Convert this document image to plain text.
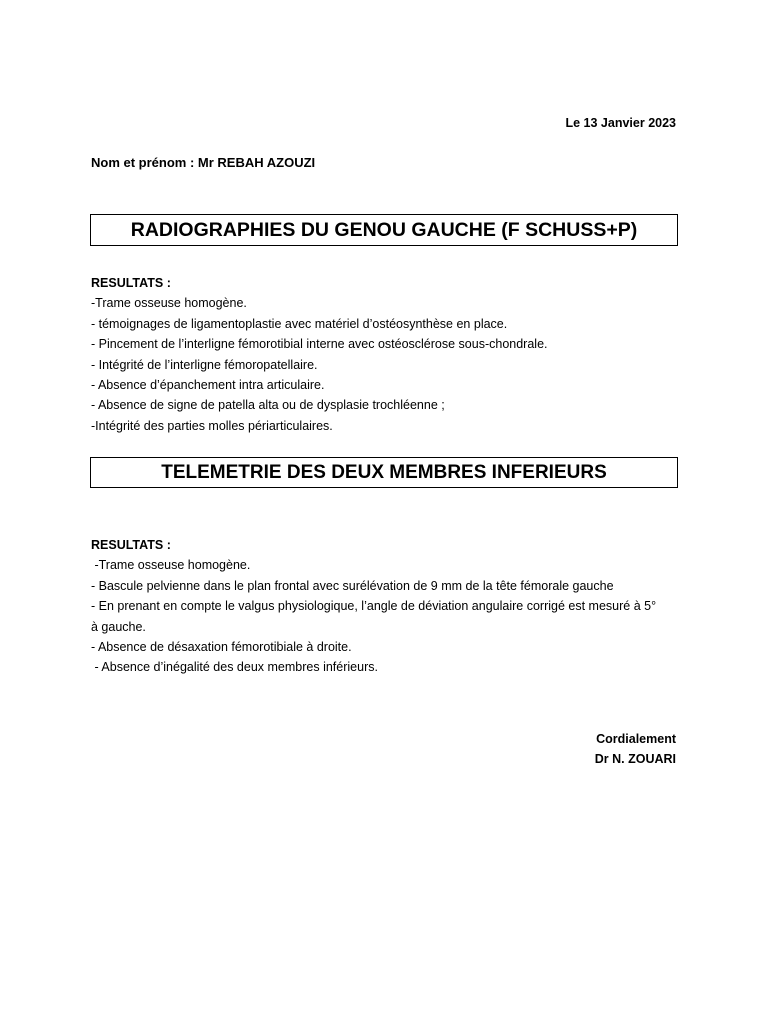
Le 13 Janvier 2023
Nom et prénom : Mr REBAH AZOUZI
RADIOGRAPHIES DU GENOU GAUCHE (F SCHUSS+P)
RESULTATS :
-Trame osseuse homogène.
- témoignages de ligamentoplastie avec matériel d’ostéosynthèse en place.
- Pincement de l’interligne fémorotibial interne avec ostéosclérose sous-chondrale.
- Intégrité de l’interligne fémoropatellaire.
- Absence d’épanchement intra articulaire.
- Absence de signe de patella alta ou de dysplasie trochléenne ;
-Intégrité des parties molles périarticulaires.
TELEMETRIE DES DEUX MEMBRES INFERIEURS
RESULTATS :
-Trame osseuse homogène.
- Bascule pelvienne dans le plan frontal avec surélévation de 9 mm de la tête fémorale gauche
- En prenant en compte le valgus physiologique, l’angle de déviation angulaire corrigé est mesuré à 5° à gauche.
- Absence de désaxation fémorotibiale à droite.
- Absence d’inégalité des deux membres inférieurs.
Cordialement
Dr N. ZOUARI
